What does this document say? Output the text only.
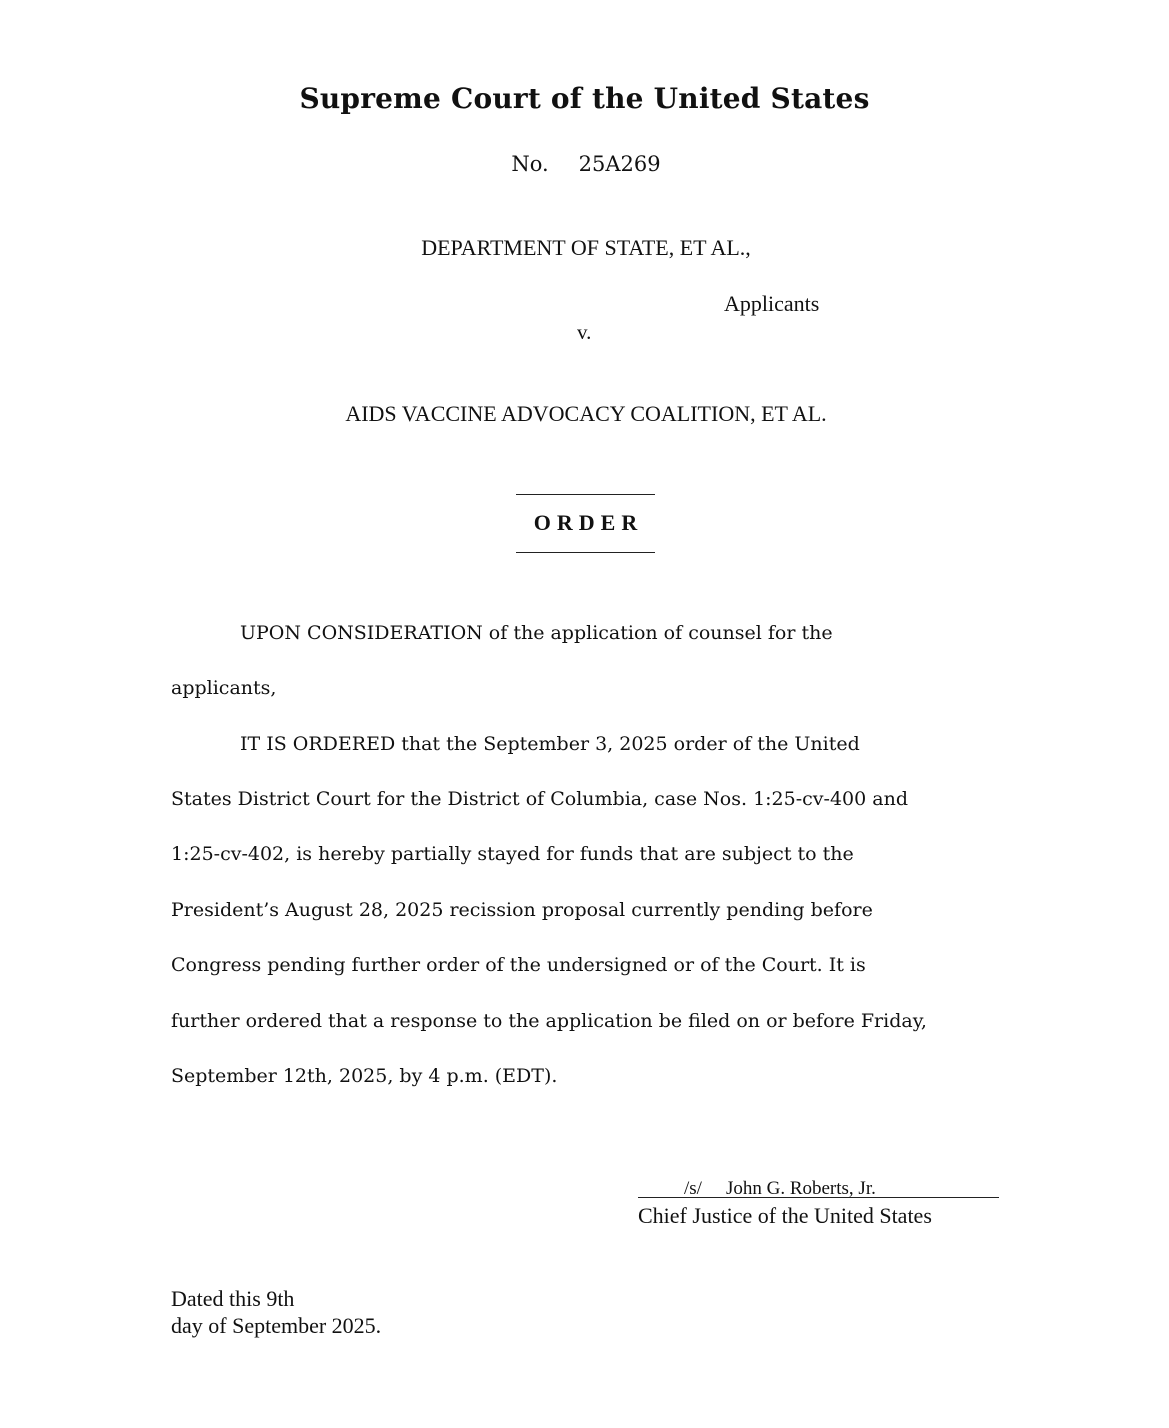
Supreme Court of the United States
No. 25A269
DEPARTMENT OF STATE, ET AL.,
Applicants
v.
AIDS VACCINE ADVOCACY COALITION, ET AL.
ORDER
UPON CONSIDERATION of the application of counsel for the
applicants,
IT IS ORDERED that the September 3, 2025 order of the United
States District Court for the District of Columbia, case Nos. 1:25-cv-400 and
1:25-cv-402, is hereby partially stayed for funds that are subject to the
President’s August 28, 2025 recission proposal currently pending before
Congress pending further order of the undersigned or of the Court. It is
further ordered that a response to the application be filed on or before Friday,
September 12th, 2025, by 4 p.m. (EDT).
/s/ John G. Roberts, Jr.
Chief Justice of the United States
Dated this 9th
day of September 2025.
